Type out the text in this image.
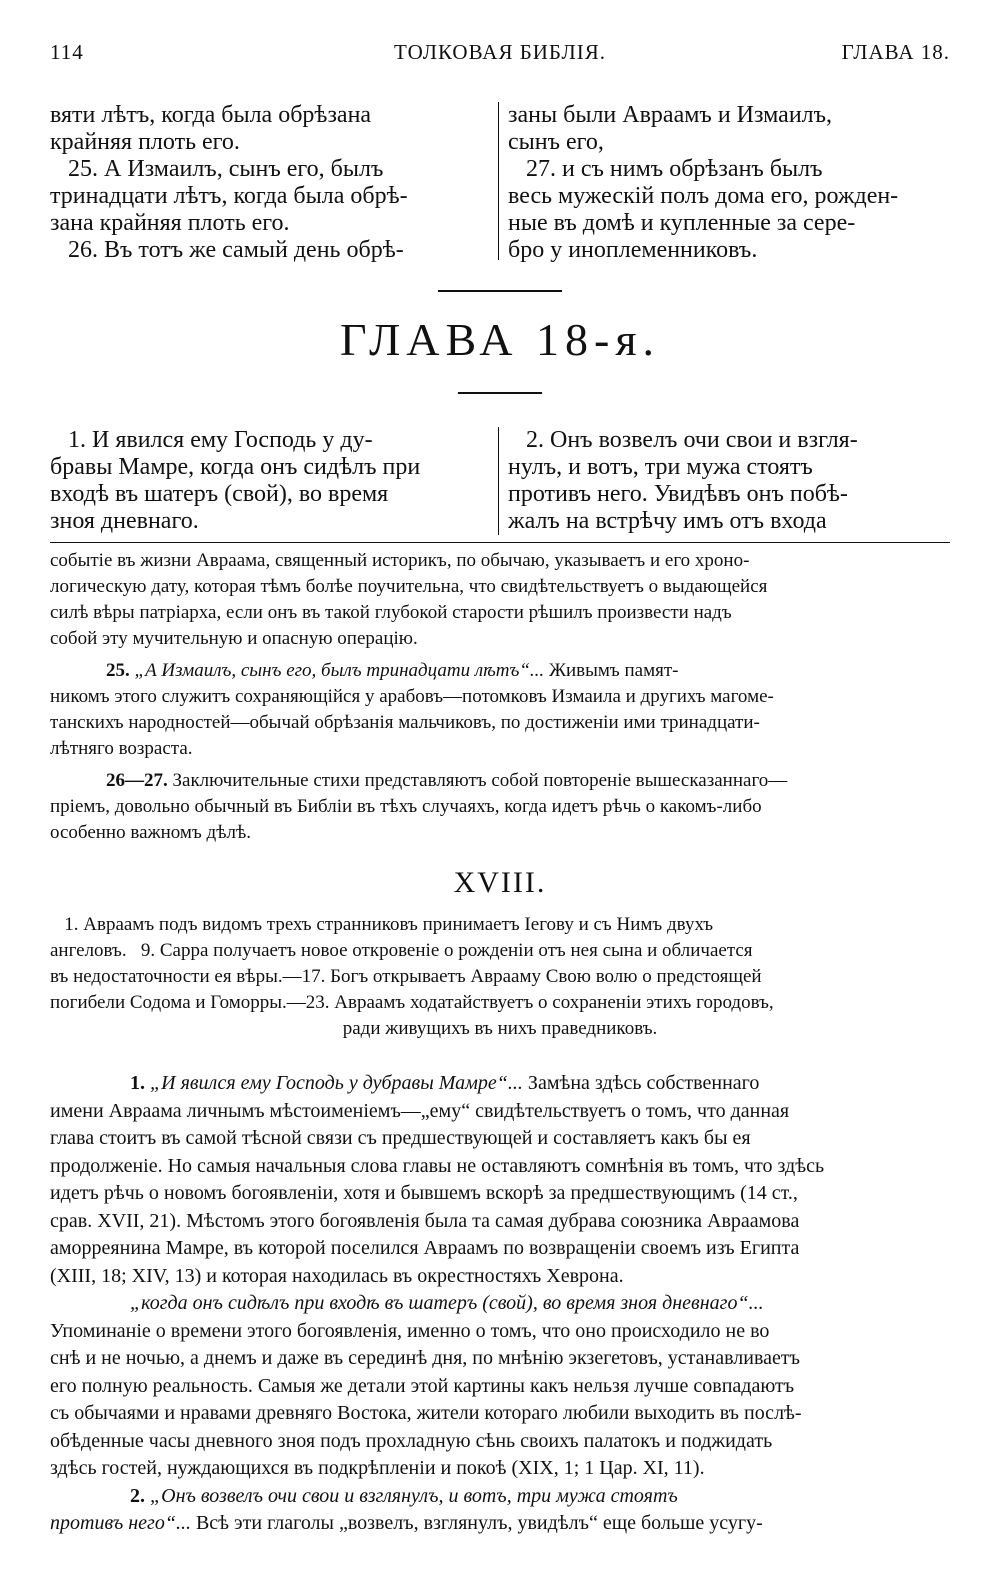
114	ТОЛКОВАЯ БИБЛІЯ.	ГЛАВА 18.
вяти лѣтъ, когда была обрѣзана
крайняя плоть его.
25. А Измаилъ, сынъ его, былъ
тринадцати лѣтъ, когда была обрѣ-
зана крайняя плоть его.
26. Въ тотъ же самый день обрѣ-
заны были Авраамъ и Измаилъ,
сынъ его,
27. и съ нимъ обрѣзанъ былъ
весь мужескій полъ дома его, рожден-
ные въ домѣ и купленные за сере-
бро у иноплеменниковъ.
ГЛАВА 18-я.
1. И явился ему Господь у ду-
бравы Мамре, когда онъ сидѣлъ при
входѣ въ шатеръ (свой), во время
зноя дневнаго.
2. Онъ возвелъ очи свои и взгля-
нулъ, и вотъ, три мужа стоятъ
противъ него. Увидѣвъ онъ побѣ-
жалъ на встрѣчу имъ отъ входа
событіе въ жизни Авраама, священный историкъ, по обычаю, указываетъ и его хроно-
логическую дату, которая тѣмъ болѣе поучительна, что свидѣтельствуетъ о выдающейся
силѣ вѣры патріарха, если онъ въ такой глубокой старости рѣшилъ произвести надъ
собой эту мучительную и опасную операцію.
25. „А Измаилъ, сынъ его, былъ тринадцати лѣтъ“... Живымъ памят-
никомъ этого служитъ сохраняющійся у арабовъ—потомковъ Измаила и другихъ магоме-
танскихъ народностей—обычай обрѣзанія мальчиковъ, по достиженіи ими тринадцати-
лѣтняго возраста.
26—27. Заключительные стихи представляютъ собой повтореніе вышесказаннаго—
пріемъ, довольно обычный въ Библіи въ тѣхъ случаяхъ, когда идетъ рѣчь о какомъ-либо
особенно важномъ дѣлѣ.
XVIII.
1. Авраамъ подъ видомъ трехъ странниковъ принимаетъ Іегову и съ Нимъ двухъ
ангеловъ.   9. Сарра получаетъ новое откровеніе о рожденіи отъ нея сына и обличается
въ недостаточности ея вѣры.—17. Богъ открываетъ Аврааму Свою волю о предстоящей
погибели Содома и Гоморры.—23. Авраамъ ходатайствуетъ о сохраненіи этихъ городовъ,
ради живущихъ въ нихъ праведниковъ.
1. „И явился ему Господь у дубравы Мамре“... Замѣна здѣсь собственнаго
имени Авраама личнымъ мѣстоименіемъ—„ему“ свидѣтельствуетъ о томъ, что данная
глава стоитъ въ самой тѣсной связи съ предшествующей и составляетъ какъ бы ея
продолженіе. Но самыя начальныя слова главы не оставляютъ сомнѣнія въ томъ, что здѣсь
идетъ рѣчь о новомъ богоявленіи, хотя и бывшемъ вскорѣ за предшествующимъ (14 ст.,
срав. XVII, 21). Мѣстомъ этого богоявленія была та самая дубрава союзника Авраамова
аморреянина Мамре, въ которой поселился Авраамъ по возвращеніи своемъ изъ Египта
(XIII, 18; XIV, 13) и которая находилась въ окрестностяхъ Хеврона.
„когда онъ сидѣлъ при входѣ въ шатеръ (свой), во время зноя дневнаго“...
Упоминаніе о времени этого богоявленія, именно о томъ, что оно происходило не во
снѣ и не ночью, а днемъ и даже въ серединѣ дня, по мнѣнію экзегетовъ, устанавливаетъ
его полную реальность. Самыя же детали этой картины какъ нельзя лучше совпадаютъ
съ обычаями и нравами древняго Востока, жители котораго любили выходить въ послѣ-
обѣденные часы дневного зноя подъ прохладную сѣнь своихъ палатокъ и поджидать
здѣсь гостей, нуждающихся въ подкрѣпленіи и покоѣ (XIX, 1; 1 Цар. XI, 11).
2. „Онъ возвелъ очи свои и взглянулъ, и вотъ, три мужа стоятъ
противъ него“... Всѣ эти глаголы „возвелъ, взглянулъ, увидѣлъ“ еще больше усугу-
